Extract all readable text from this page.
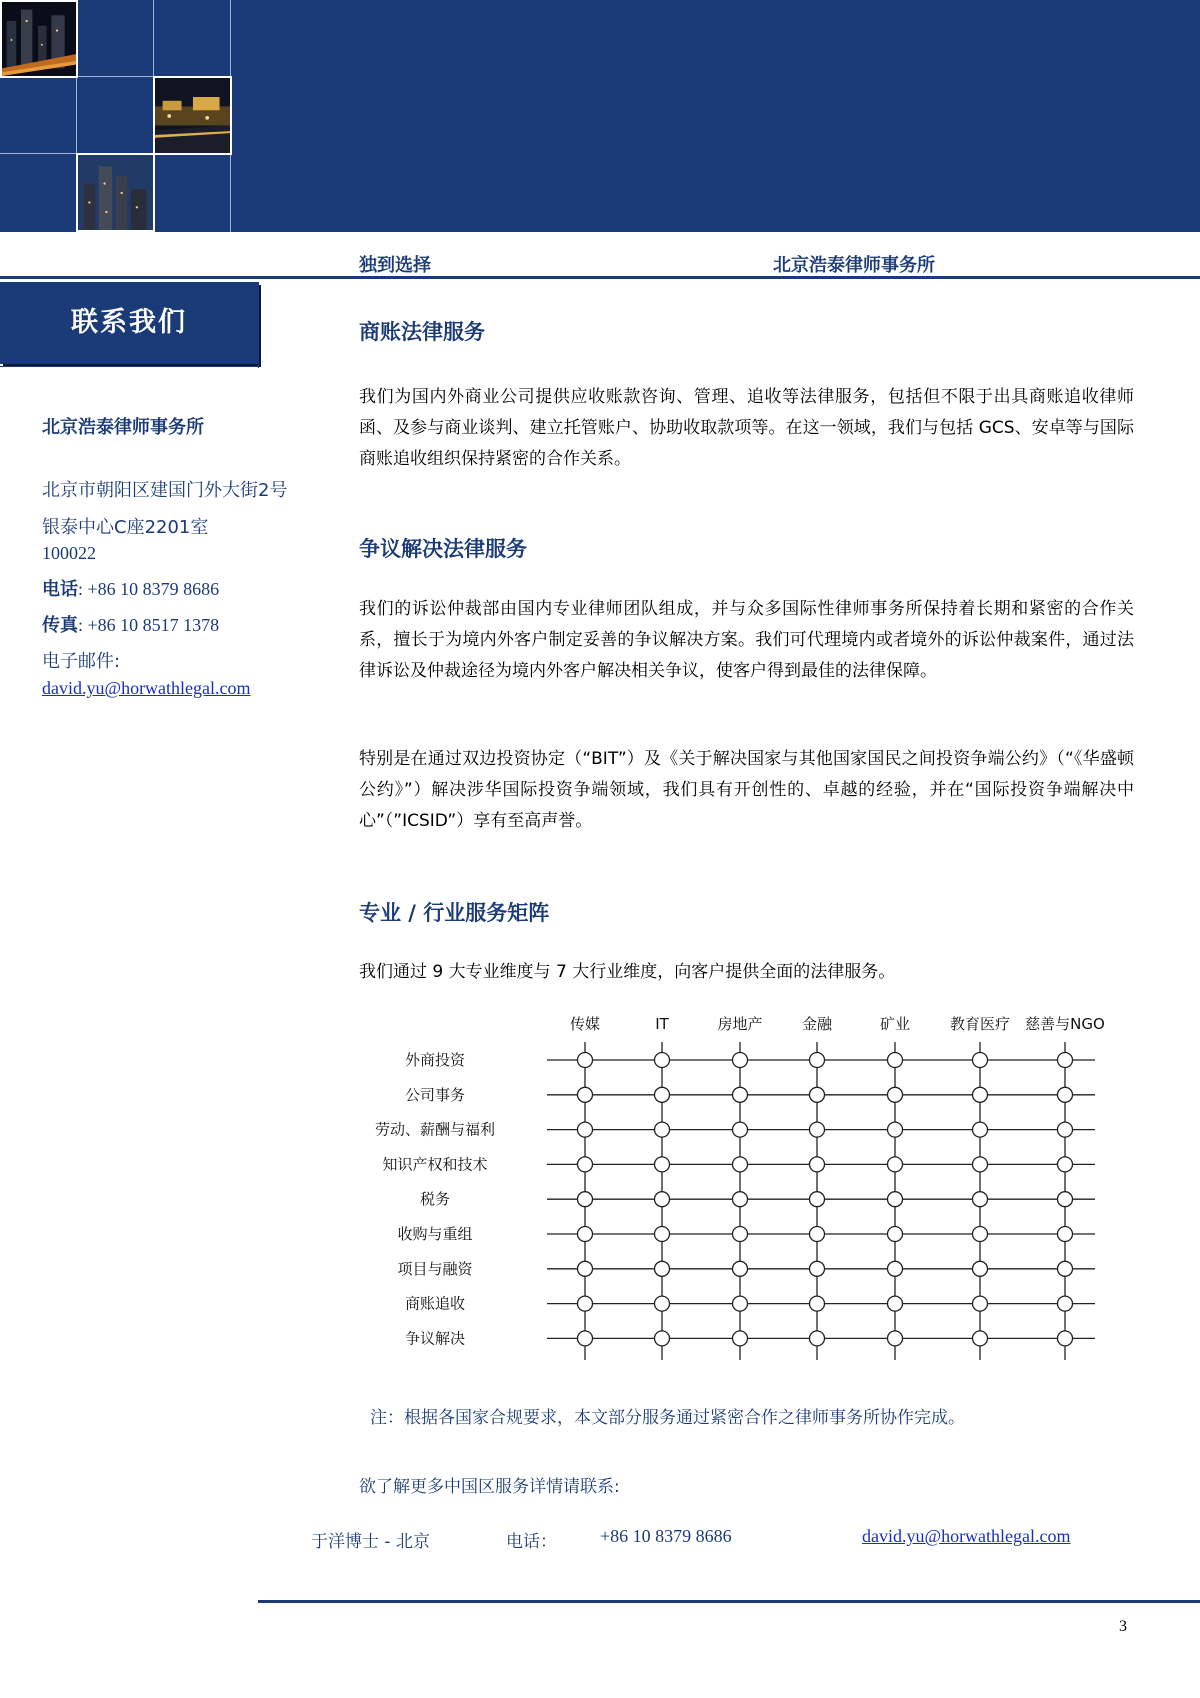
独到选择	北京浩泰律师事务所
联系我们
北京浩泰律师事务所
北京市朝阳区建国门外大街2号
银泰中心C座2201室
100022
电话: +86 10 8379 8686
传真: +86 10 8517 1378
电子邮件:
david.yu@horwathlegal.com
商账法律服务
我们为国内外商业公司提供应收账款咨询、管理、追收等法律服务，包括但不限于出具商账追收律师函、及参与商业谈判、建立托管账户、协助收取款项等。在这一领域，我们与包括 GCS、安卓等与国际商账追收组织保持紧密的合作关系。
争议解决法律服务
我们的诉讼仲裁部由国内专业律师团队组成，并与众多国际性律师事务所保持着长期和紧密的合作关系，擅长于为境内外客户制定妥善的争议解决方案。我们可代理境内或者境外的诉讼仲裁案件，通过法律诉讼及仲裁途径为境内外客户解决相关争议，使客户得到最佳的法律保障。
特别是在通过双边投资协定（“BIT”）及《关于解决国家与其他国家国民之间投资争端公约》（“《华盛顿公约》”）解决涉华国际投资争端领域，我们具有开创性的、卓越的经验，并在“国际投资争端解决中心”（”ICSID”）享有至高声誉。
专业 / 行业服务矩阵
我们通过 9 大专业维度与 7 大行业维度，向客户提供全面的法律服务。
传媒	IT	房地产	金融	矿业	教育医疗 慈善与NGO
外商投资
公司事务
劳动、薪酬与福利
知识产权和技术
税务
收购与重组
项目与融资
商账追收
争议解决
注：根据各国家合规要求，本文部分服务通过紧密合作之律师事务所协作完成。
欲了解更多中国区服务详情请联系:
于洋博士 - 北京	电话： +86 10 8379 8686	david.yu@horwathlegal.com
3
